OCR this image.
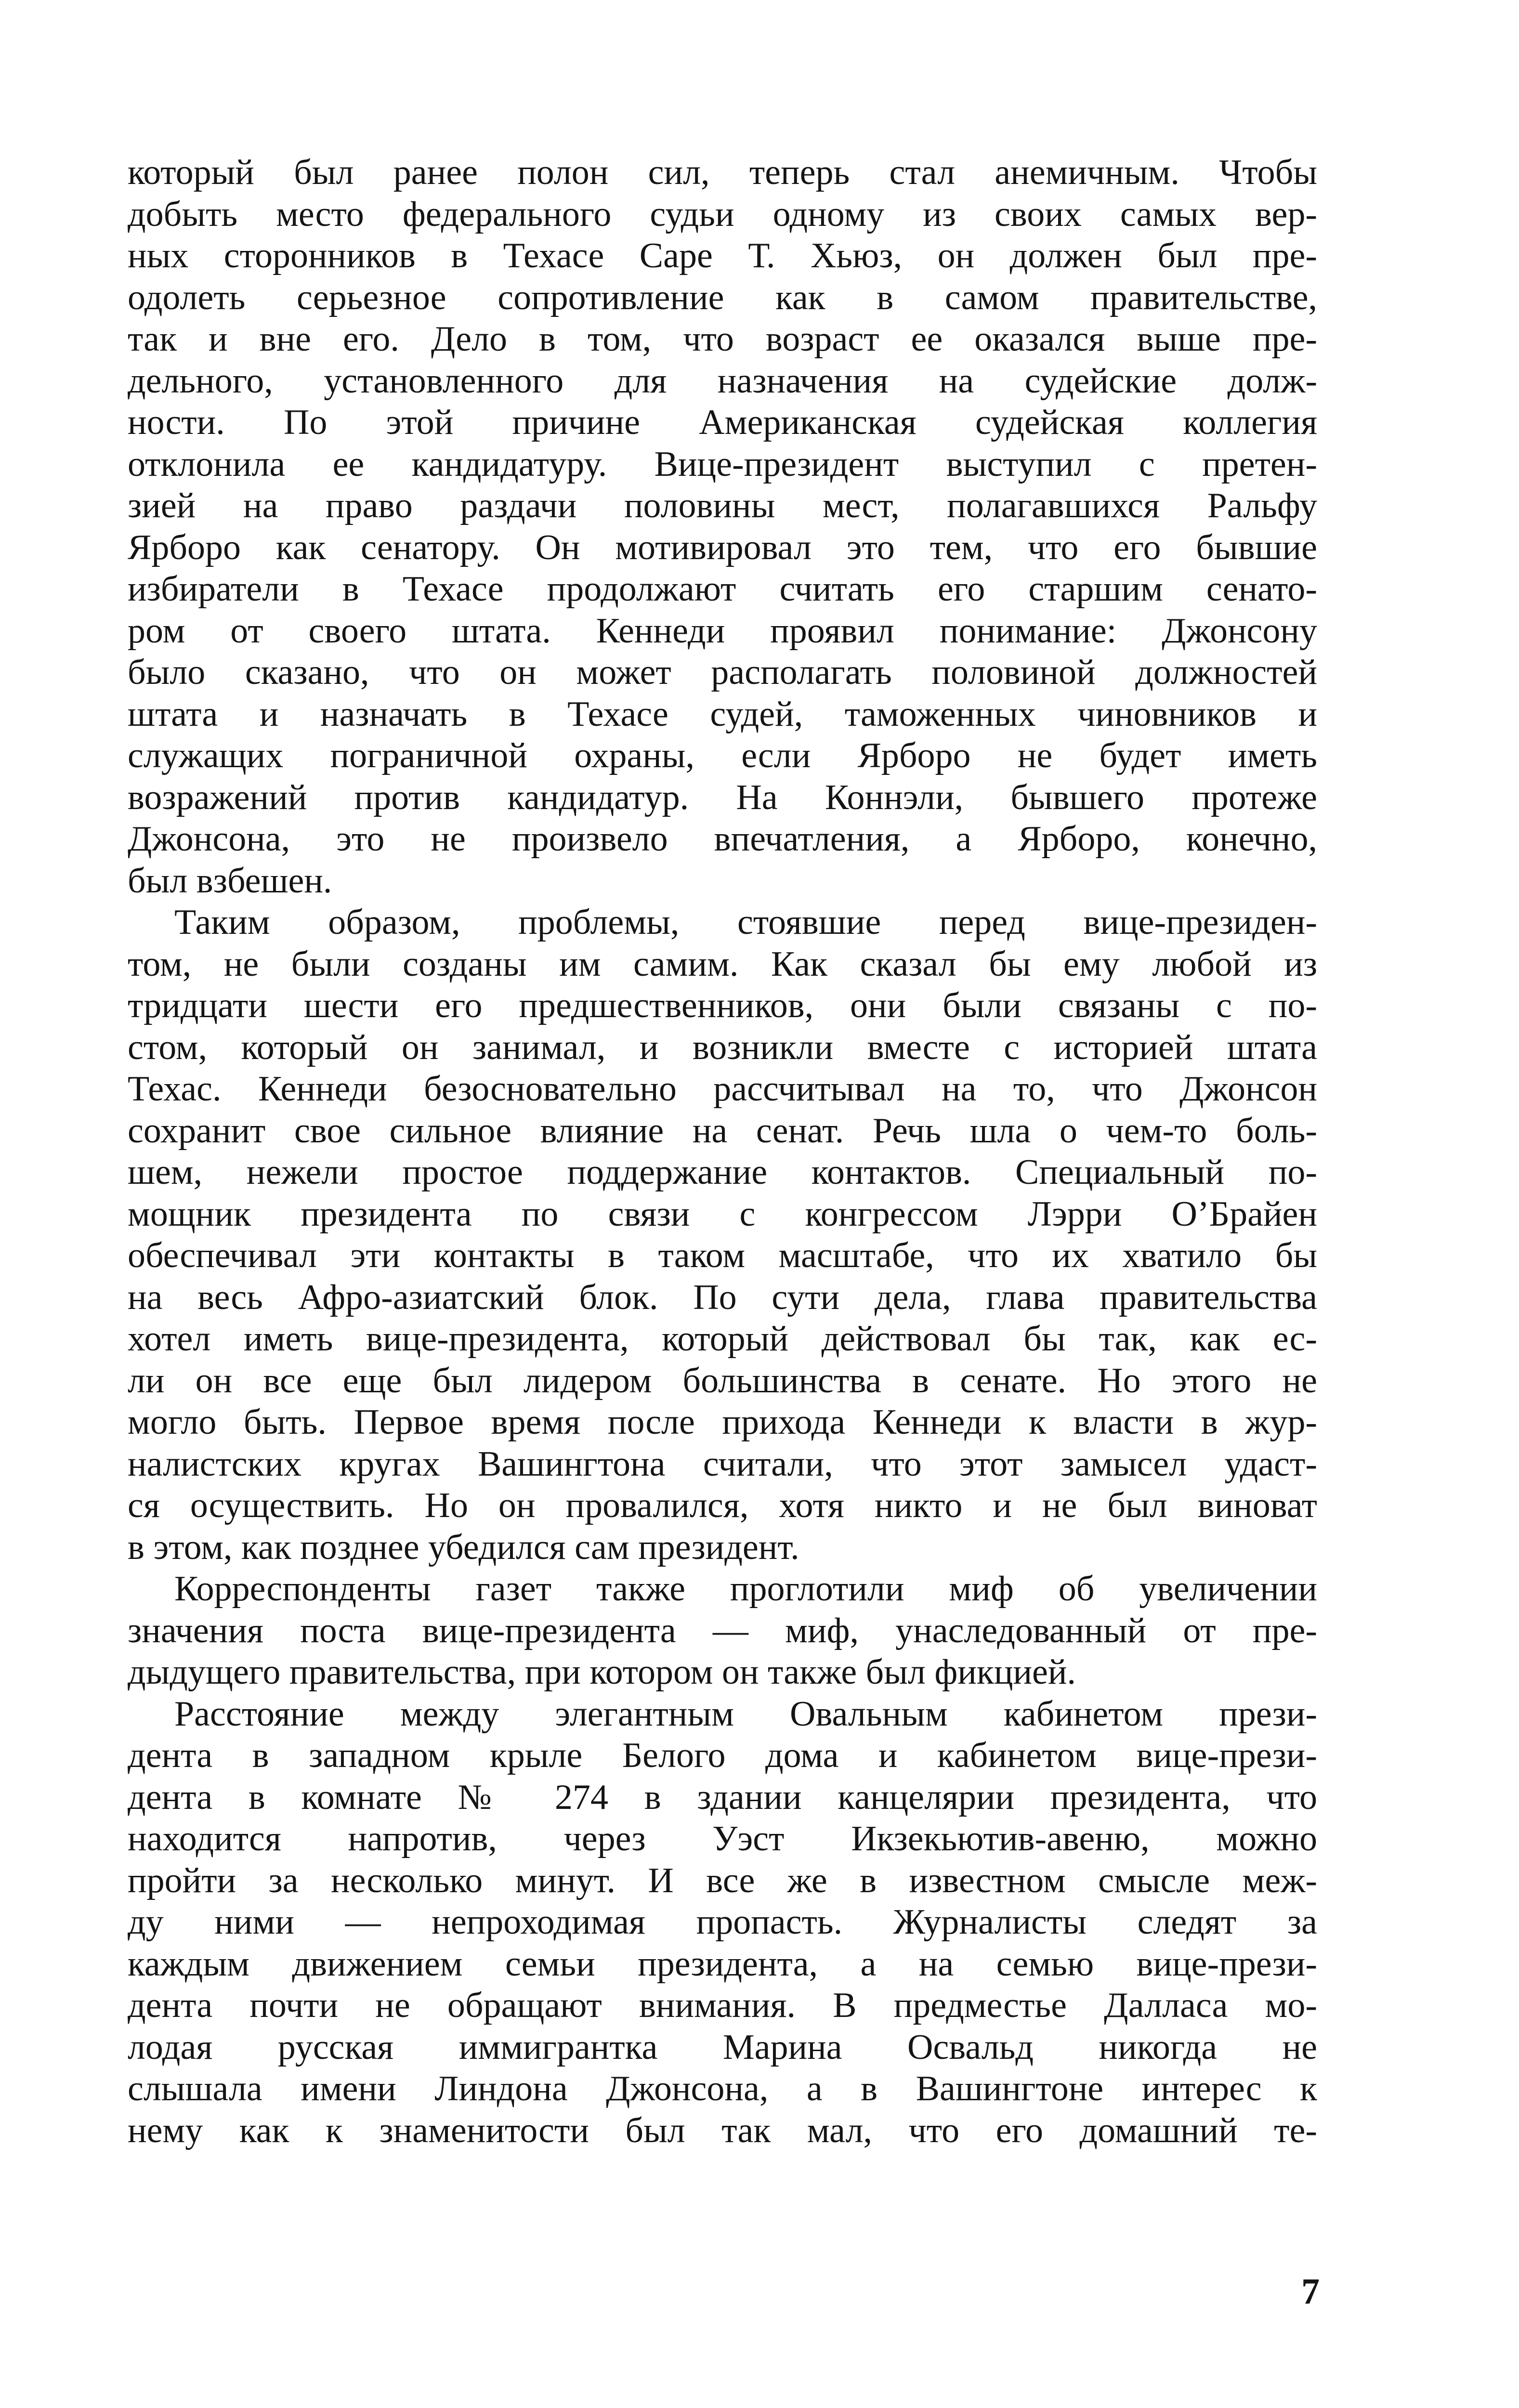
который был ранее полон сил, теперь стал анемичным. Чтобы
добыть место федерального судьи одному из своих самых вер-
ных сторонников в Техасе Саре Т. Хьюз, он должен был пре-
одолеть серьезное сопротивление как в самом правительстве,
так и вне его. Дело в том, что возраст ее оказался выше пре-
дельного, установленного для назначения на судейские долж-
ности. По этой причине Американская судейская коллегия
отклонила ее кандидатуру. Вице-президент выступил с претен-
зией на право раздачи половины мест, полагавшихся Ральфу
Ярборо как сенатору. Он мотивировал это тем, что его бывшие
избиратели в Техасе продолжают считать его старшим сенато-
ром от своего штата. Кеннеди проявил понимание: Джонсону
было сказано, что он может располагать половиной должностей
штата и назначать в Техасе судей, таможенных чиновников и
служащих пограничной охраны, если Ярборо не будет иметь
возражений против кандидатур. На Коннэли, бывшего протеже
Джонсона, это не произвело впечатления, а Ярборо, конечно,
был взбешен.
Таким образом, проблемы, стоявшие перед вице-президен-
том, не были созданы им самим. Как сказал бы ему любой из
тридцати шести его предшественников, они были связаны с по-
стом, который он занимал, и возникли вместе с историей штата
Техас. Кеннеди безосновательно рассчитывал на то, что Джонсон
сохранит свое сильное влияние на сенат. Речь шла о чем-то боль-
шем, нежели простое поддержание контактов. Специальный по-
мощник президента по связи с конгрессом Лэрри О’Брайен
обеспечивал эти контакты в таком масштабе, что их хватило бы
на весь Афро-азиатский блок. По сути дела, глава правительства
хотел иметь вице-президента, который действовал бы так, как ес-
ли он все еще был лидером большинства в сенате. Но этого не
могло быть. Первое время после прихода Кеннеди к власти в жур-
налистских кругах Вашингтона считали, что этот замысел удаст-
ся осуществить. Но он провалился, хотя никто и не был виноват
в этом, как позднее убедился сам президент.
Корреспонденты газет также проглотили миф об увеличении
значения поста вице-президента — миф, унаследованный от пре-
дыдущего правительства, при котором он также был фикцией.
Расстояние между элегантным Овальным кабинетом прези-
дента в западном крыле Белого дома и кабинетом вице-прези-
дента в комнате № 274 в здании канцелярии президента, что
находится напротив, через Уэст Икзекьютив-авеню, можно
пройти за несколько минут. И все же в известном смысле меж-
ду ними — непроходимая пропасть. Журналисты следят за
каждым движением семьи президента, а на семью вице-прези-
дента почти не обращают внимания. В предместье Далласа мо-
лодая русская иммигрантка Марина Освальд никогда не
слышала имени Линдона Джонсона, а в Вашингтоне интерес к
нему как к знаменитости был так мал, что его домашний те-
7
